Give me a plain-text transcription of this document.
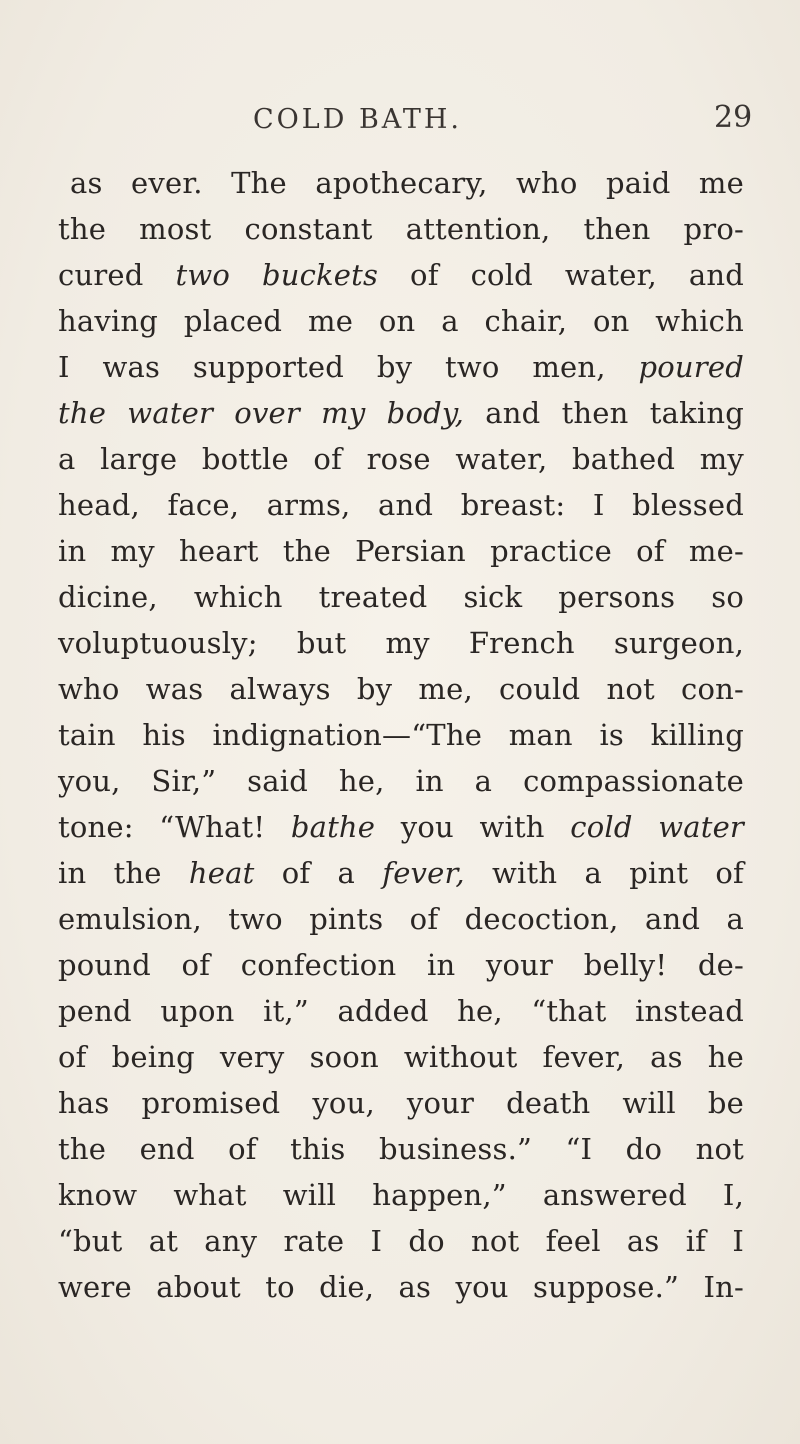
COLD BATH.	29
as ever. The apothecary, who paid me
the most constant attention, then pro-
cured two buckets of cold water, and
having placed me on a chair, on which
I was supported by two men, poured
the water over my body, and then taking
a large bottle of rose water, bathed my
head, face, arms, and breast: I blessed
in my heart the Persian practice of me-
dicine, which treated sick persons so
voluptuously; but my French surgeon,
who was always by me, could not con-
tain his indignation—“The man is killing
you, Sir,” said he, in a compassionate
tone: “What! bathe you with cold water
in the heat of a fever, with a pint of
emulsion, two pints of decoction, and a
pound of confection in your belly! de-
pend upon it,” added he, “that instead
of being very soon without fever, as he
has promised you, your death will be
the end of this business.” “I do not
know what will happen,” answered I,
“but at any rate I do not feel as if I
were about to die, as you suppose.” In-
